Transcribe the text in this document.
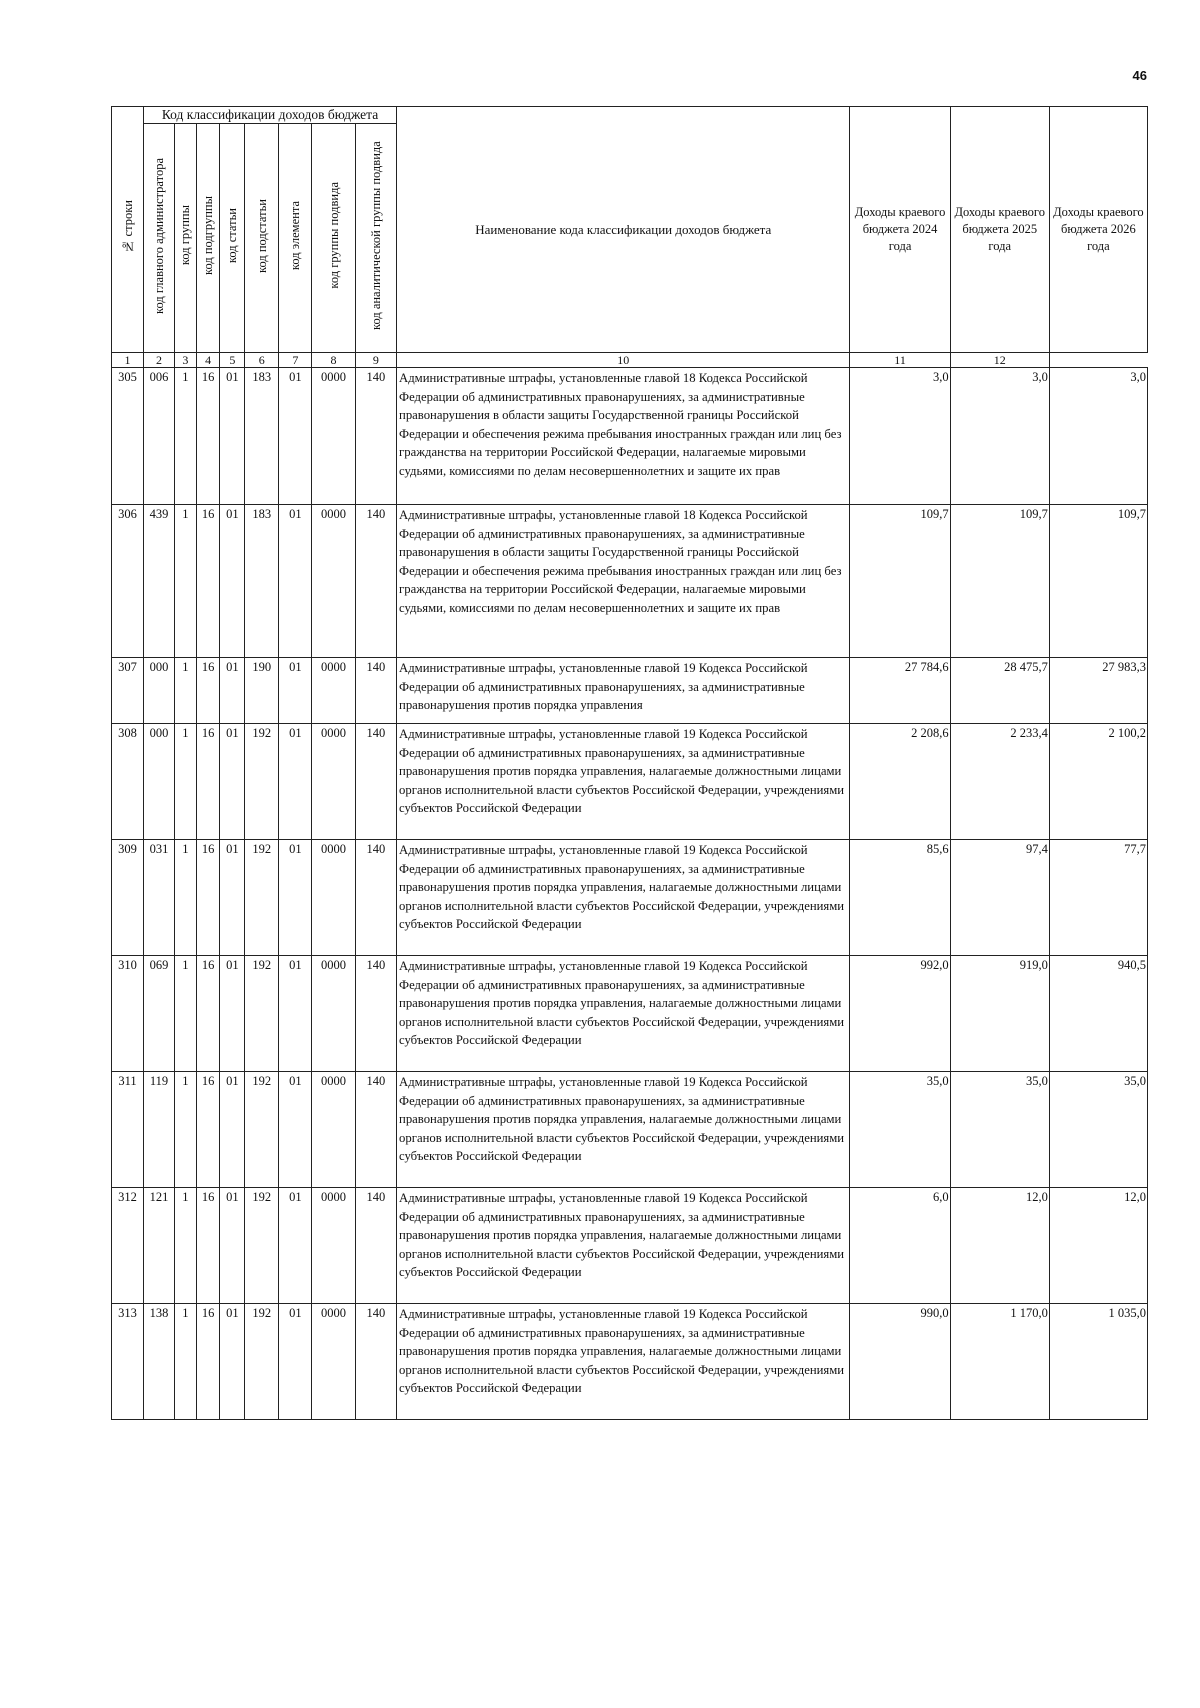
46
№ строки	Код классификации доходов бюджета								Наименование кода классификации доходов бюджета	Доходы краевого бюджета 2024 года	Доходы краевого бюджета 2025 года	Доходы краевого бюджета 2026 года
	код главного администратора	код группы	код подгруппы	код статьи	код подстатьи	код элемента	код группы подвида	код аналитической группы подвида				
1	2	3	4	5	6	7	8	9	10	11	12	
305	006	1	16	01	183	01	0000	140	Административные штрафы, установленные главой 18 Кодекса Российской Федерации об административных правонарушениях, за административные правонарушения в области защиты Государственной границы Российской Федерации и обеспечения режима пребывания иностранных граждан или лиц без гражданства на территории Российской Федерации, налагаемые мировыми судьями, комиссиями по делам несовершеннолетних и защите их прав	3,0	3,0	3,0
306	439	1	16	01	183	01	0000	140	Административные штрафы, установленные главой 18 Кодекса Российской Федерации об административных правонарушениях, за административные правонарушения в области защиты Государственной границы Российской Федерации и обеспечения режима пребывания иностранных граждан или лиц без гражданства на территории Российской Федерации, налагаемые мировыми судьями, комиссиями по делам несовершеннолетних и защите их прав	109,7	109,7	109,7
307	000	1	16	01	190	01	0000	140	Административные штрафы, установленные главой 19 Кодекса Российской Федерации об административных правонарушениях, за административные правонарушения против порядка управления	27 784,6	28 475,7	27 983,3
308	000	1	16	01	192	01	0000	140	Административные штрафы, установленные главой 19 Кодекса Российской Федерации об административных правонарушениях, за административные правонарушения против порядка управления, налагаемые должностными лицами органов исполнительной власти субъектов Российской Федерации, учреждениями субъектов Российской Федерации	2 208,6	2 233,4	2 100,2
309	031	1	16	01	192	01	0000	140	Административные штрафы, установленные главой 19 Кодекса Российской Федерации об административных правонарушениях, за административные правонарушения против порядка управления, налагаемые должностными лицами органов исполнительной власти субъектов Российской Федерации, учреждениями субъектов Российской Федерации	85,6	97,4	77,7
310	069	1	16	01	192	01	0000	140	Административные штрафы, установленные главой 19 Кодекса Российской Федерации об административных правонарушениях, за административные правонарушения против порядка управления, налагаемые должностными лицами органов исполнительной власти субъектов Российской Федерации, учреждениями субъектов Российской Федерации	992,0	919,0	940,5
311	119	1	16	01	192	01	0000	140	Административные штрафы, установленные главой 19 Кодекса Российской Федерации об административных правонарушениях, за административные правонарушения против порядка управления, налагаемые должностными лицами органов исполнительной власти субъектов Российской Федерации, учреждениями субъектов Российской Федерации	35,0	35,0	35,0
312	121	1	16	01	192	01	0000	140	Административные штрафы, установленные главой 19 Кодекса Российской Федерации об административных правонарушениях, за административные правонарушения против порядка управления, налагаемые должностными лицами органов исполнительной власти субъектов Российской Федерации, учреждениями субъектов Российской Федерации	6,0	12,0	12,0
313	138	1	16	01	192	01	0000	140	Административные штрафы, установленные главой 19 Кодекса Российской Федерации об административных правонарушениях, за административные правонарушения против порядка управления, налагаемые должностными лицами органов исполнительной власти субъектов Российской Федерации, учреждениями субъектов Российской Федерации	990,0	1 170,0	1 035,0
